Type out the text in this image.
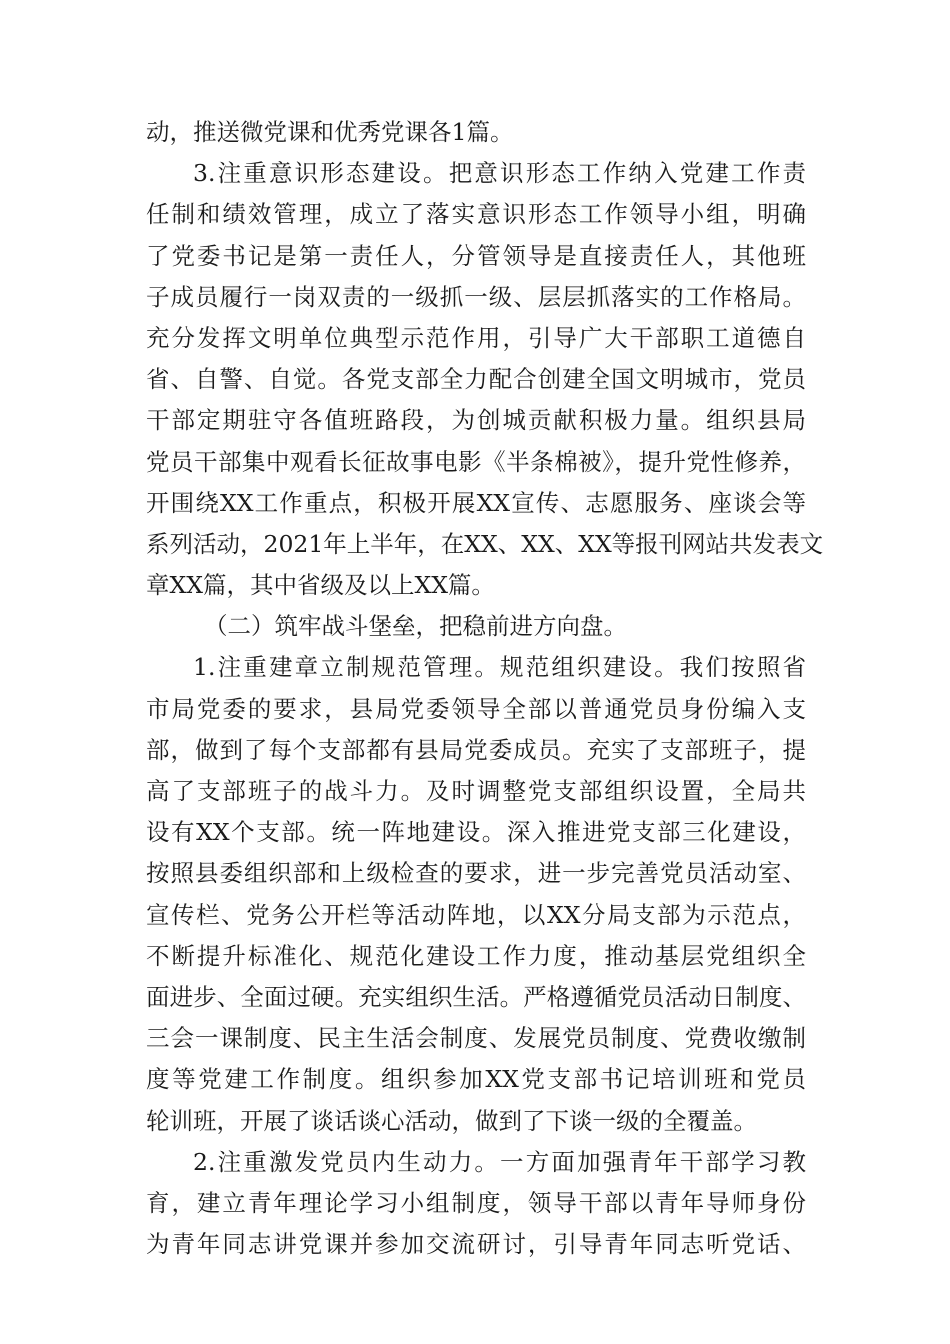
动，推送微党课和优秀党课各1篇。
3.注重意识形态建设。把意识形态工作纳入党建工作责
任制和绩效管理，成立了落实意识形态工作领导小组，明确
了党委书记是第一责任人，分管领导是直接责任人，其他班
子成员履行一岗双责的一级抓一级、层层抓落实的工作格局。
充分发挥文明单位典型示范作用，引导广大干部职工道德自
省、自警、自觉。各党支部全力配合创建全国文明城市，党员
干部定期驻守各值班路段，为创城贡献积极力量。组织县局
党员干部集中观看长征故事电影《半条棉被》，提升党性修养，
开围绕XX工作重点，积极开展XX宣传、志愿服务、座谈会等
系列活动，2021年上半年，在XX、XX、XX等报刊网站共发表文
章XX篇，其中省级及以上XX篇。
（二）筑牢战斗堡垒，把稳前进方向盘。
1.注重建章立制规范管理。规范组织建设。我们按照省
市局党委的要求，县局党委领导全部以普通党员身份编入支
部，做到了每个支部都有县局党委成员。充实了支部班子，提
高了支部班子的战斗力。及时调整党支部组织设置，全局共
设有XX个支部。统一阵地建设。深入推进党支部三化建设，
按照县委组织部和上级检查的要求，进一步完善党员活动室、
宣传栏、党务公开栏等活动阵地，以XX分局支部为示范点，
不断提升标准化、规范化建设工作力度，推动基层党组织全
面进步、全面过硬。充实组织生活。严格遵循党员活动日制度、
三会一课制度、民主生活会制度、发展党员制度、党费收缴制
度等党建工作制度。组织参加XX党支部书记培训班和党员
轮训班，开展了谈话谈心活动，做到了下谈一级的全覆盖。
2.注重激发党员内生动力。一方面加强青年干部学习教
育，建立青年理论学习小组制度，领导干部以青年导师身份
为青年同志讲党课并参加交流研讨，引导青年同志听党话、
